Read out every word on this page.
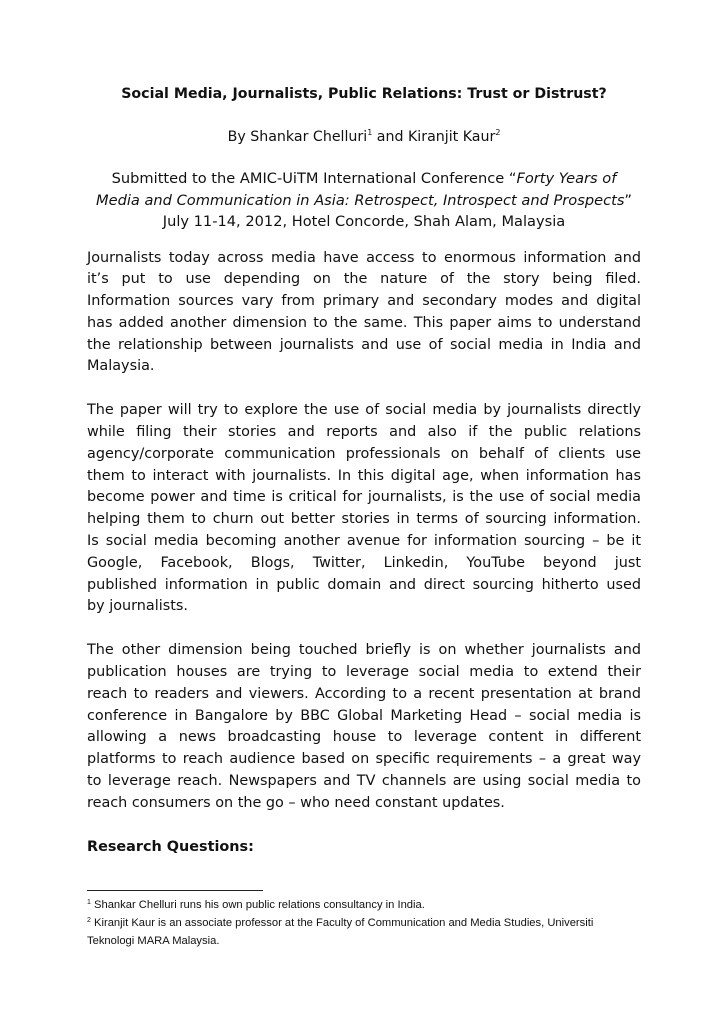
Social Media, Journalists, Public Relations: Trust or Distrust?
By Shankar Chelluri$^1$ and Kiranjit Kaur$^2$
Submitted to the AMIC-UiTM International Conference “Forty Years of
Media and Communication in Asia: Retrospect, Introspect and Prospects”
July 11-14, 2012, Hotel Concorde, Shah Alam, Malaysia
Journalists today across media have access to enormous information and
it’s put to use depending on the nature of the story being filed.
Information sources vary from primary and secondary modes and digital
has added another dimension to the same. This paper aims to understand
the relationship between journalists and use of social media in India and
Malaysia.
The paper will try to explore the use of social media by journalists directly
while filing their stories and reports and also if the public relations
agency/corporate communication professionals on behalf of clients use
them to interact with journalists. In this digital age, when information has
become power and time is critical for journalists, is the use of social media
helping them to churn out better stories in terms of sourcing information.
Is social media becoming another avenue for information sourcing – be it
Google, Facebook, Blogs, Twitter, Linkedin, YouTube beyond just
published information in public domain and direct sourcing hitherto used
by journalists.
The other dimension being touched briefly is on whether journalists and
publication houses are trying to leverage social media to extend their
reach to readers and viewers. According to a recent presentation at brand
conference in Bangalore by BBC Global Marketing Head – social media is
allowing a news broadcasting house to leverage content in different
platforms to reach audience based on specific requirements – a great way
to leverage reach. Newspapers and TV channels are using social media to
reach consumers on the go – who need constant updates.
Research Questions:
$^1$ Shankar Chelluri runs his own public relations consultancy in India.
$^2$ Kiranjit Kaur is an associate professor at the Faculty of Communication and Media Studies, Universiti
Teknologi MARA Malaysia.
